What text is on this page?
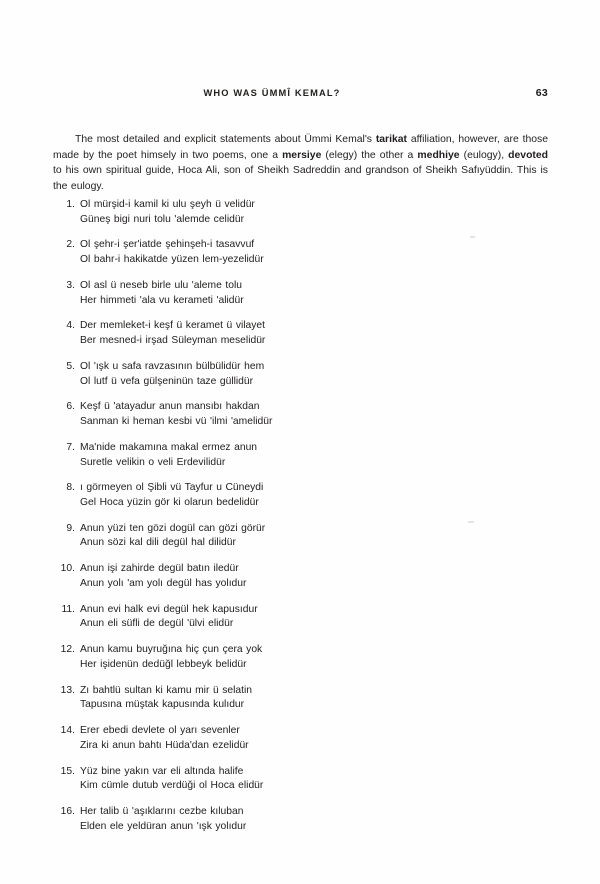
WHO WAS ÜMMÎ KEMAL?	63

The most detailed and explicit statements about Ümmi Kemal's tarikat affiliation, however, are those made by the poet himsely in two poems, one a mersiye (elegy) the other a medhiye (eulogy), devoted to his own spiritual guide, Hoca Ali, son of Sheikh Sadreddin and grandson of Sheikh Safıyüddin. This is the eulogy.

1. Ol mürşid-i kamil ki ulu şeyh ü velidür
Güneş bigi nuri tolu 'alemde celidür
2. Ol şehr-i şer'iatde şehinşeh-i tasavvuf
Ol bahr-i hakikatde yüzen lem-yezelidür
3. Ol asl ü neseb birle ulu 'aleme tolu
Her himmeti 'ala vu kerameti 'alidür
4. Der memleket-i keşf ü keramet ü vilayet
Ber mesned-i irşad Süleyman meselidür
5. Ol 'ışk u safa ravzasının bülbülidür hem
Ol lutf ü vefa gülşeninün taze güllidür
6. Keşf ü 'atayadur anun mansıbı hakdan
Sanman ki heman kesbi vü 'ilmi 'amelidür
7. Ma'nide makamına makal ermez anun
Suretle velikin o veli Erdevilidür
8. ı görmeyen ol Şibli vü Tayfur u Cüneydi
Gel Hoca yüzin gör ki olarun bedelidür
9. Anun yüzi ten gözi dogül can gözi görür
Anun sözi kal dili degül hal dilidür
10. Anun işi zahirde degül batın iledür
Anun yolı 'am yolı degül has yolıdur
11. Anun evi halk evi degül hek kapusıdur
Anun eli süfli de degül 'ülvi elidür
12. Anun kamu buyruğına hiç çun çera yok
Her işidenün dedüğl lebbeyk belidür
13. Zı bahtlü sultan ki kamu mir ü selatin
Tapusına müştak kapusında kulıdur
14. Erer ebedi devlete ol yarı sevenler
Zira ki anun bahtı Hüda'dan ezelidür
15. Yüz bine yakın var eli altında halife
Kim cümle dutub verdüği ol Hoca elidür
16. Her talib ü 'aşıklarını cezbe kıluban
Elden ele yeldüran anun 'ışk yolıdur
